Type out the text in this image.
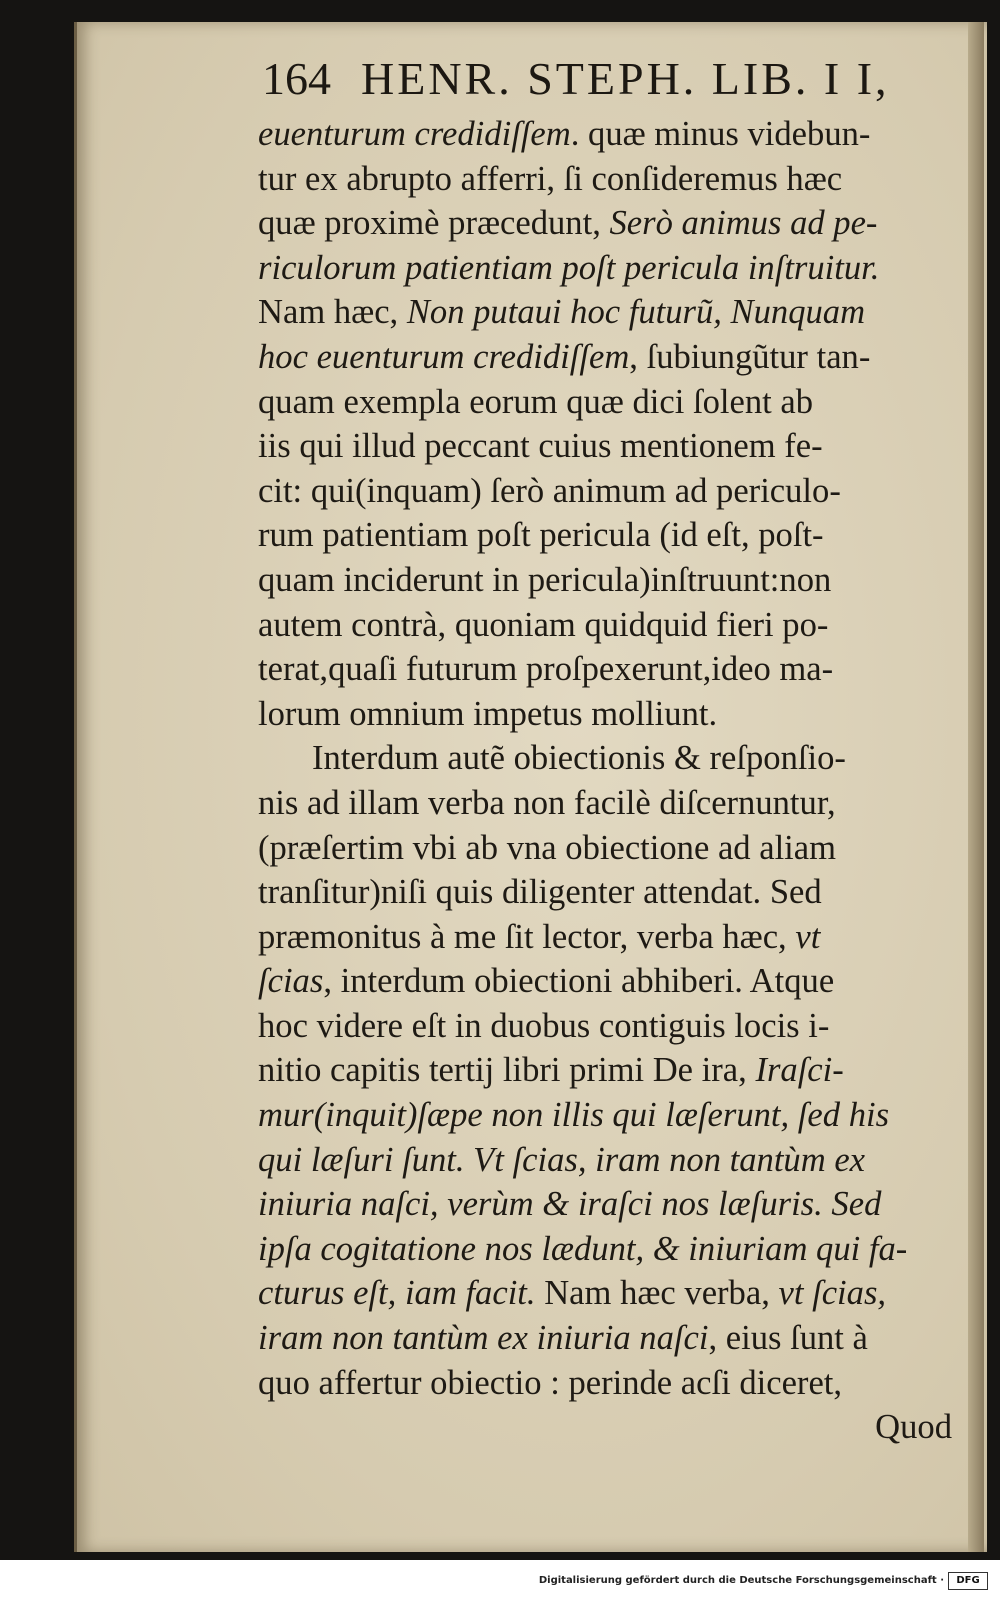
164 HENR. STEPH. LIB. I I,
euenturum credidiſſem. quæ minus videbun-
tur ex abrupto afferri, ſi conſideremus hæc
quæ proximè præcedunt, Serò animus ad pe-
riculorum patientiam poſt pericula inſtruitur.
Nam hæc, Non putaui hoc futurũ, Nunquam
hoc euenturum credidiſſem, ſubiungũtur tan-
quam exempla eorum quæ dici ſolent ab
iis qui illud peccant cuius mentionem fe-
cit: qui(inquam) ſerò animum ad periculo-
rum patientiam poſt pericula (id eſt, poſt-
quam inciderunt in pericula)inſtruunt:non
autem contrà, quoniam quidquid fieri po-
terat,quaſi futurum proſpexerunt,ideo ma-
lorum omnium impetus molliunt.
Interdum autẽ obiectionis & reſponſio-
nis ad illam verba non facilè diſcernuntur,
(præſertim vbi ab vna obiectione ad aliam
tranſitur)niſi quis diligenter attendat. Sed
præmonitus à me ſit lector, verba hæc, vt
ſcias, interdum obiectioni abhiberi. Atque
hoc videre eſt in duobus contiguis locis i-
nitio capitis tertij libri primi De ira, Iraſci-
mur(inquit)ſæpe non illis qui læſerunt, ſed his
qui læſuri ſunt. Vt ſcias, iram non tantùm ex
iniuria naſci, verùm & iraſci nos læſuris. Sed
ipſa cogitatione nos lædunt, & iniuriam qui fa-
cturus eſt, iam facit. Nam hæc verba, vt ſcias,
iram non tantùm ex iniuria naſci, eius ſunt à
quo affertur obiectio : perinde acſi diceret,
Quod
Digitalisierung gefördert durch die Deutsche Forschungsgemeinschaft ·	DFG
